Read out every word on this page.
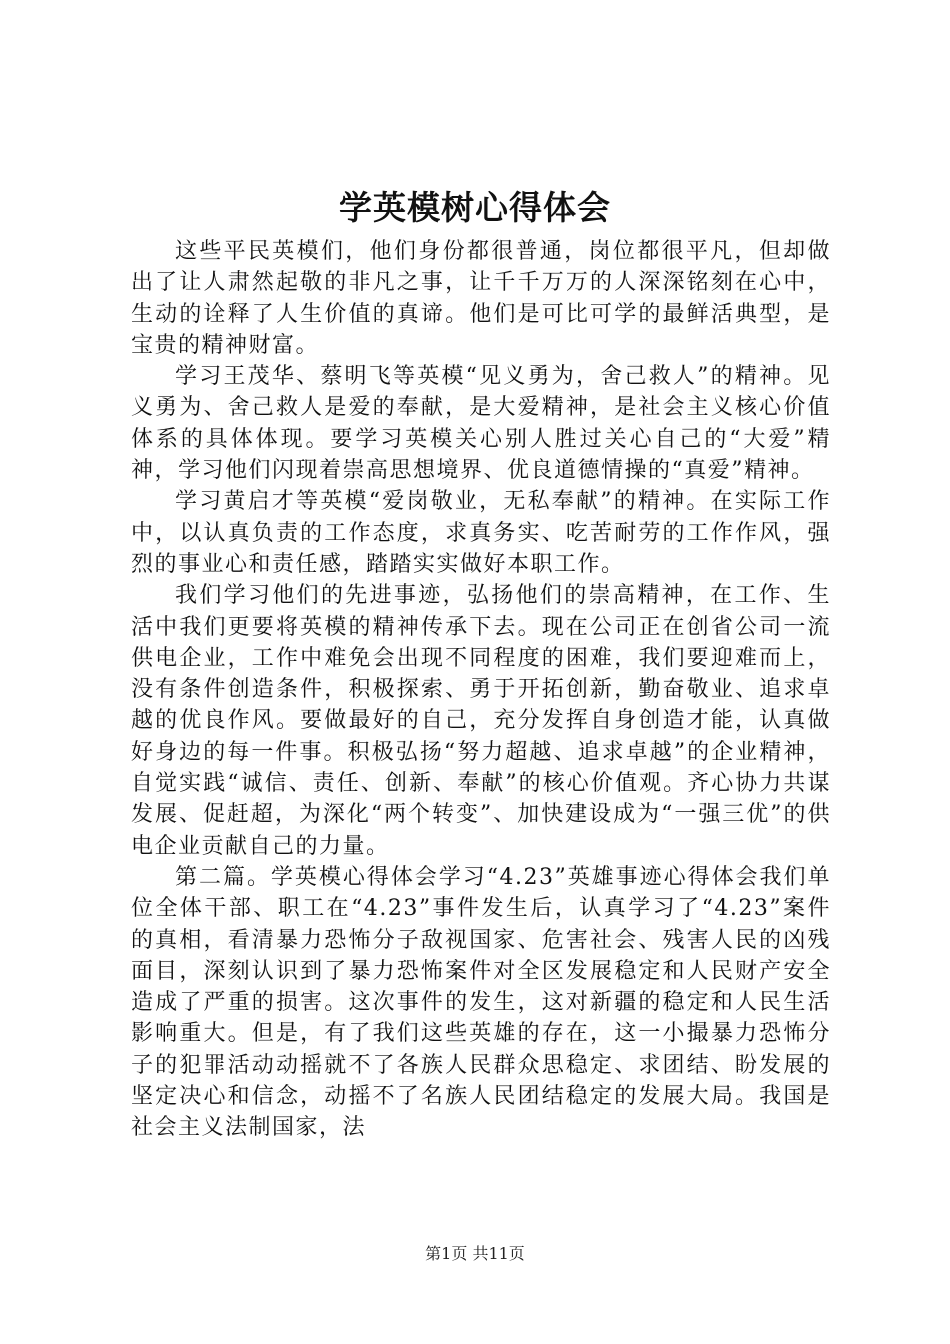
学英模树心得体会

这些平民英模们，他们身份都很普通，岗位都很平凡，但却做出了让人肃然起敬的非凡之事，让千千万万的人深深铭刻在心中，生动的诠释了人生价值的真谛。他们是可比可学的最鲜活典型，是宝贵的精神财富。

学习王茂华、蔡明飞等英模“见义勇为，舍己救人”的精神。见义勇为、舍己救人是爱的奉献，是大爱精神，是社会主义核心价值体系的具体体现。要学习英模关心别人胜过关心自己的“大爱”精神，学习他们闪现着崇高思想境界、优良道德情操的“真爱”精神。

学习黄启才等英模“爱岗敬业，无私奉献”的精神。在实际工作中，以认真负责的工作态度，求真务实、吃苦耐劳的工作作风，强烈的事业心和责任感，踏踏实实做好本职工作。

我们学习他们的先进事迹，弘扬他们的崇高精神，在工作、生活中我们更要将英模的精神传承下去。现在公司正在创省公司一流供电企业，工作中难免会出现不同程度的困难，我们要迎难而上，没有条件创造条件，积极探索、勇于开拓创新，勤奋敬业、追求卓越的优良作风。要做最好的自己，充分发挥自身创造才能，认真做好身边的每一件事。积极弘扬“努力超越、追求卓越”的企业精神，自觉实践“诚信、责任、创新、奉献”的核心价值观。齐心协力共谋发展、促赶超，为深化“两个转变”、加快建设成为“一强三优”的供电企业贡献自己的力量。

第二篇。学英模心得体会学习“4.23”英雄事迹心得体会我们单位全体干部、职工在“4.23”事件发生后，认真学习了“4.23”案件的真相，看清暴力恐怖分子敌视国家、危害社会、残害人民的凶残面目，深刻认识到了暴力恐怖案件对全区发展稳定和人民财产安全造成了严重的损害。这次事件的发生，这对新疆的稳定和人民生活影响重大。但是，有了我们这些英雄的存在，这一小撮暴力恐怖分子的犯罪活动动摇就不了各族人民群众思稳定、求团结、盼发展的坚定决心和信念，动摇不了名族人民团结稳定的发展大局。我国是社会主义法制国家，法

第1页 共11页
